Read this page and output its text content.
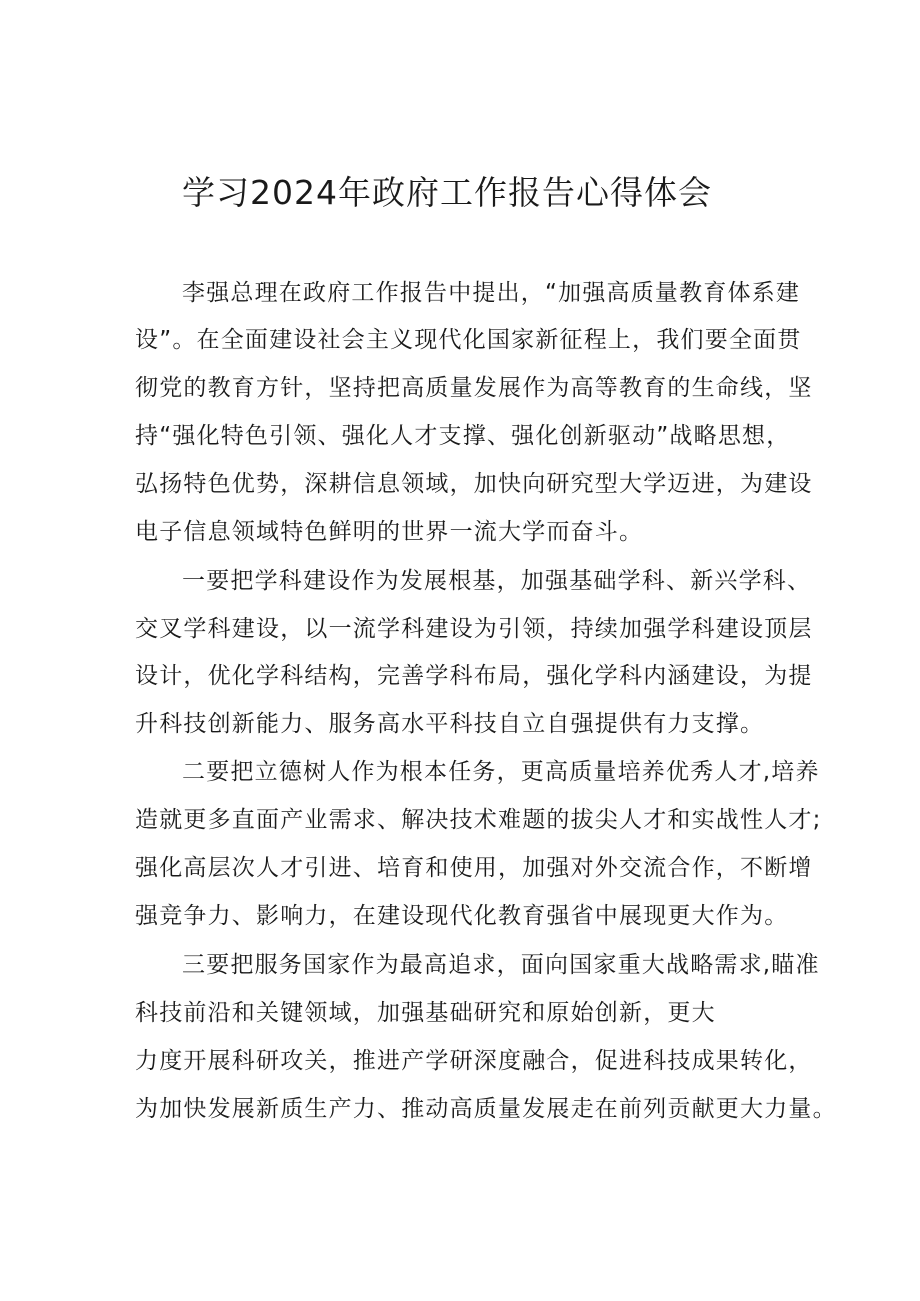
学习2024年政府工作报告心得体会

李强总理在政府工作报告中提出，“加强高质量教育体系建

设”。在全面建设社会主义现代化国家新征程上，我们要全面贯

彻党的教育方针，坚持把高质量发展作为高等教育的生命线，坚

持“强化特色引领、强化人才支撑、强化创新驱动”战略思想，

弘扬特色优势，深耕信息领域，加快向研究型大学迈进，为建设

电子信息领域特色鲜明的世界一流大学而奋斗。

一要把学科建设作为发展根基，加强基础学科、新兴学科、

交叉学科建设，以一流学科建设为引领，持续加强学科建设顶层

设计，优化学科结构，完善学科布局，强化学科内涵建设，为提

升科技创新能力、服务高水平科技自立自强提供有力支撑。

二要把立德树人作为根本任务，更高质量培养优秀人才,培养

造就更多直面产业需求、解决技术难题的拔尖人才和实战性人才;

强化高层次人才引进、培育和使用，加强对外交流合作，不断增

强竞争力、影响力，在建设现代化教育强省中展现更大作为。

三要把服务国家作为最高追求，面向国家重大战略需求,瞄准

科技前沿和关键领域，加强基础研究和原始创新，更大

力度开展科研攻关，推进产学研深度融合，促进科技成果转化，

为加快发展新质生产力、推动高质量发展走在前列贡献更大力量。
